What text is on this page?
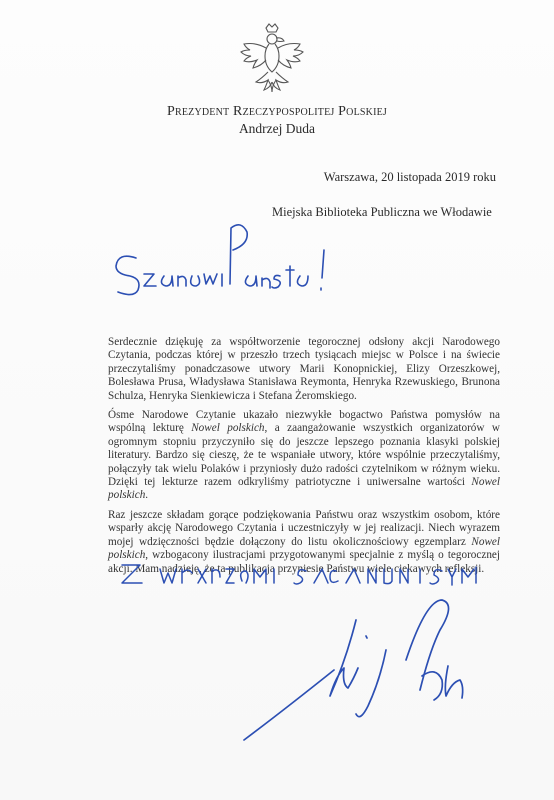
Prezydent Rzeczypospolitej Polskiej
Andrzej Duda
Warszawa, 20 listopada 2019 roku
Miejska Biblioteka Publiczna we Włodawie

Serdecznie dziękuję za współtworzenie tegorocznej odsłony akcji Narodowego Czytania, podczas której w przeszło trzech tysiącach miejsc w Polsce i na świecie przeczytaliśmy ponadczasowe utwory Marii Konopnickiej, Elizy Orzeszkowej, Bolesława Prusa, Władysława Stanisława Reymonta, Henryka Rzewuskiego, Brunona Schulza, Henryka Sienkiewicza i Stefana Żeromskiego.

Ósme Narodowe Czytanie ukazało niezwykłe bogactwo Państwa pomysłów na wspólną lekturę Nowel polskich, a zaangażowanie wszystkich organizatorów w ogromnym stopniu przyczyniło się do jeszcze lepszego poznania klasyki polskiej literatury. Bardzo się cieszę, że te wspaniałe utwory, które wspólnie przeczytaliśmy, połączyły tak wielu Polaków i przyniosły dużo radości czytelnikom w różnym wieku. Dzięki tej lekturze razem odkryliśmy patriotyczne i uniwersalne wartości Nowel polskich.

Raz jeszcze składam gorące podziękowania Państwu oraz wszystkim osobom, które wsparły akcję Narodowego Czytania i uczestniczyły w jej realizacji. Niech wyrazem mojej wdzięczności będzie dołączony do listu okolicznościowy egzemplarz Nowel polskich, wzbogacony ilustracjami przygotowanymi specjalnie z myślą o tegorocznej akcji. Mam nadzieję, że ta publikacja przyniesie Państwu wiele ciekawych refleksji.
